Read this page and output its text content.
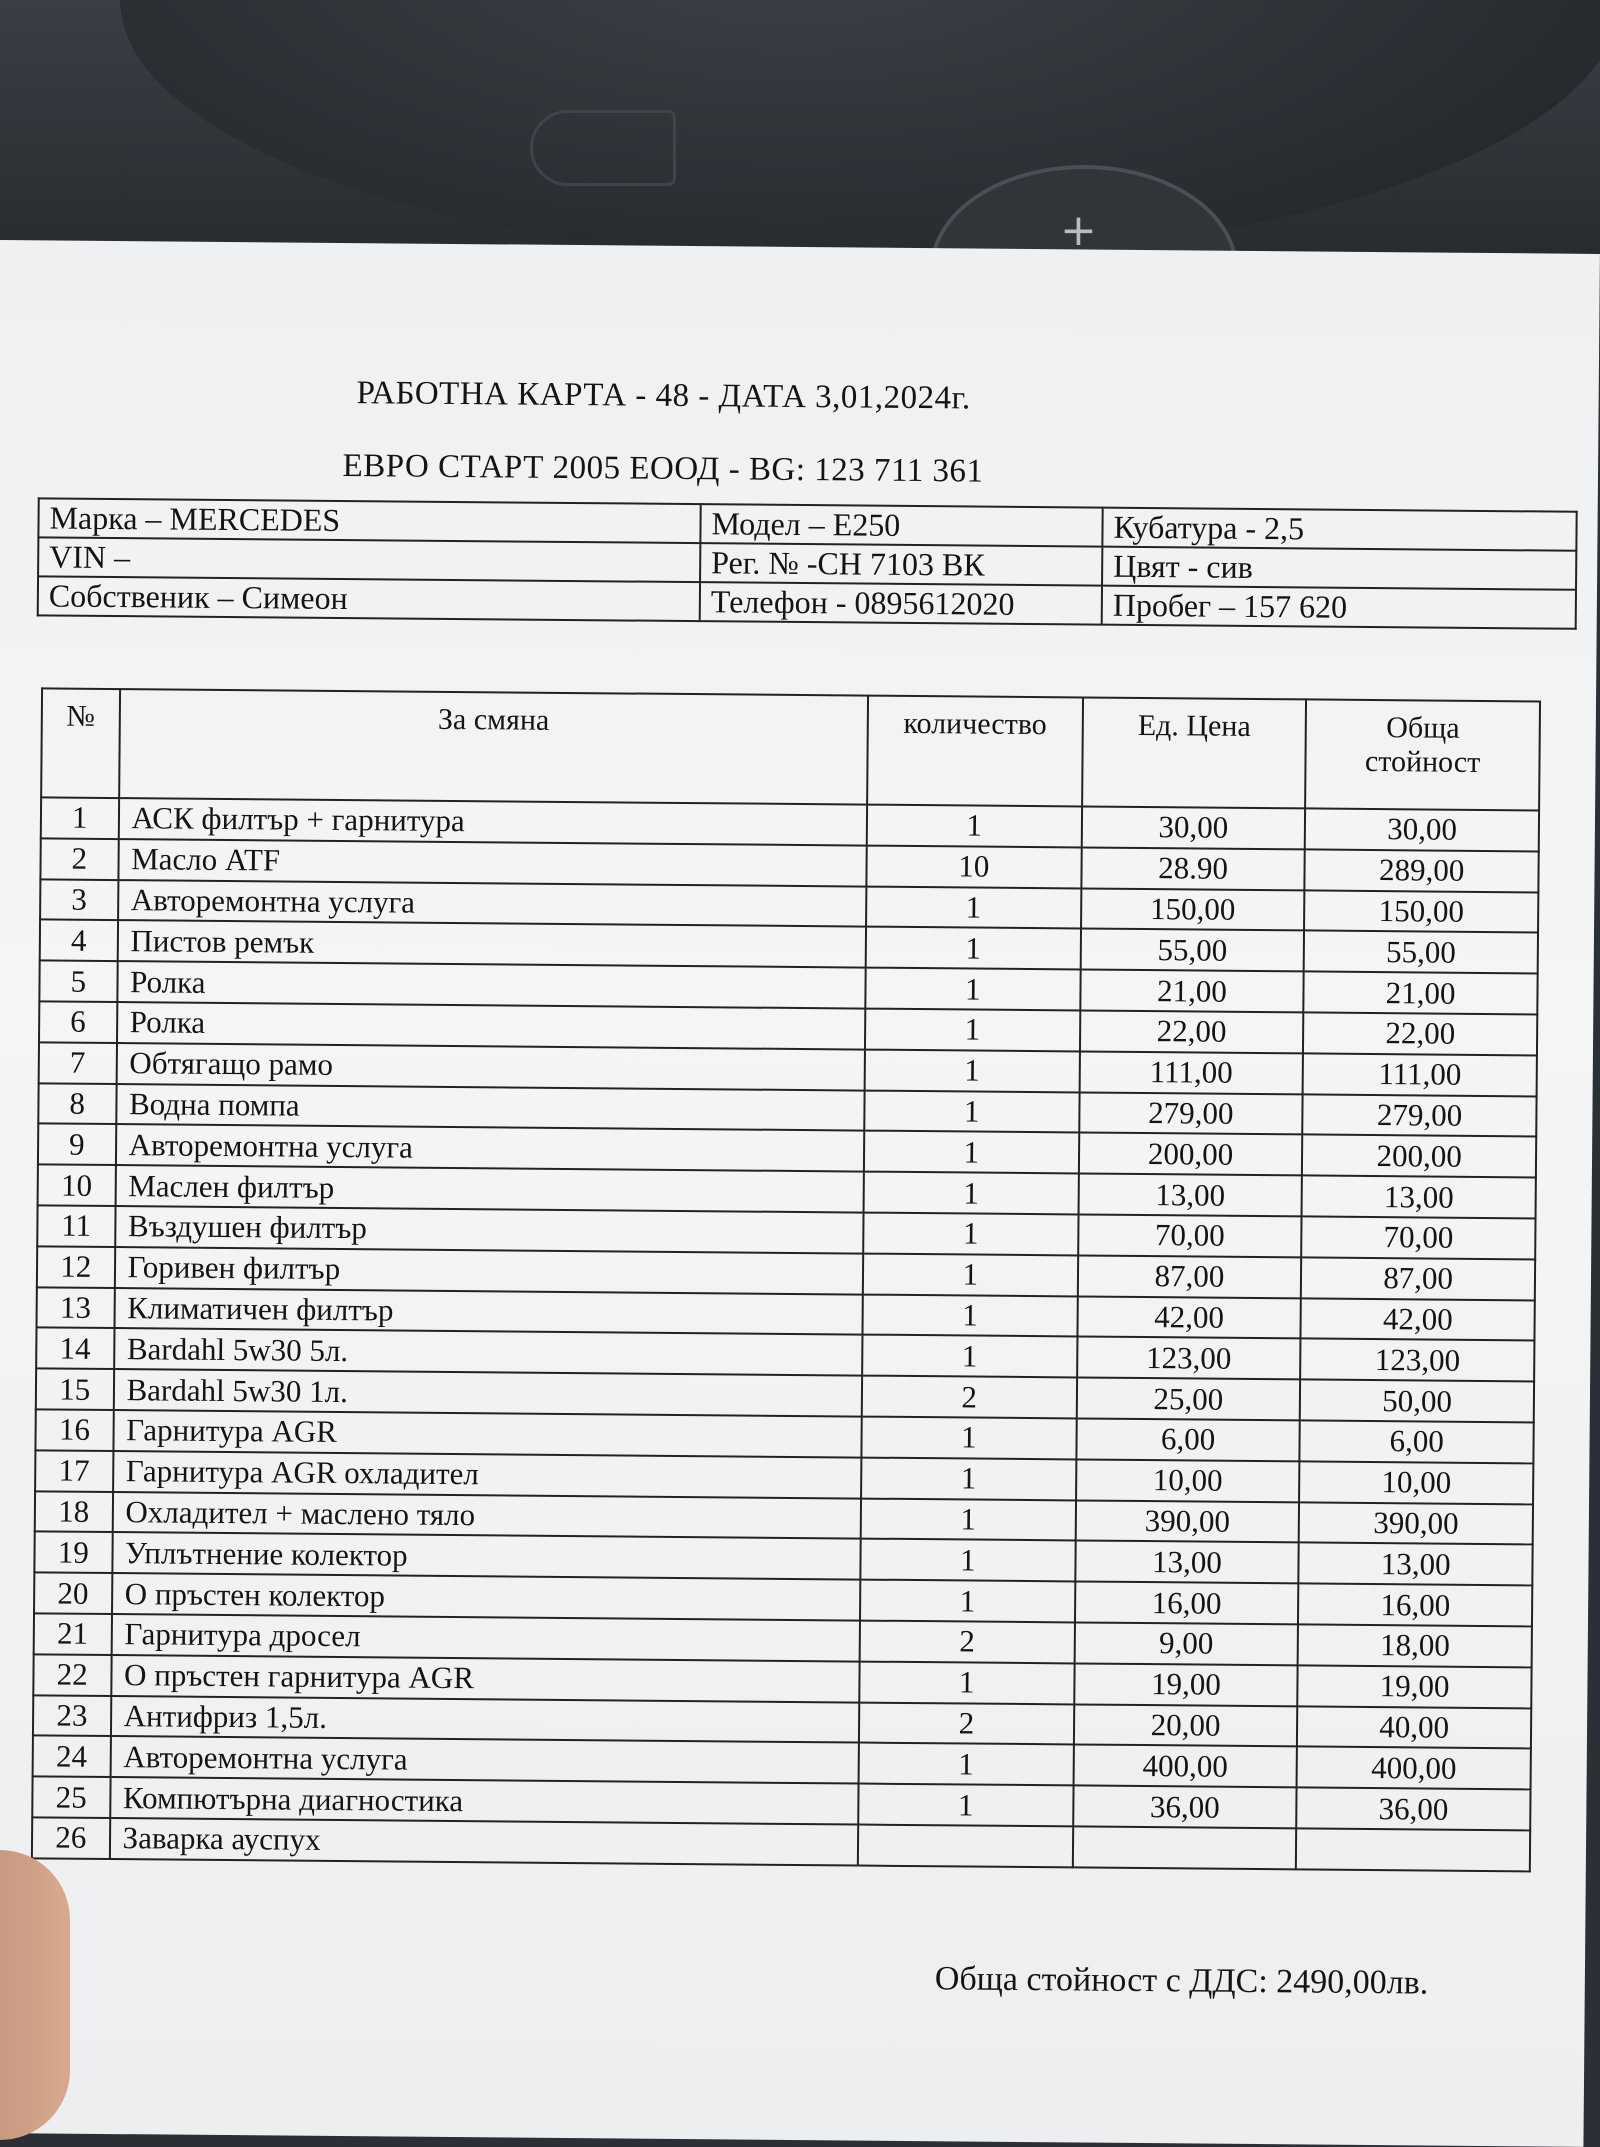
+
РАБОТНА КАРТА - 48 - ДАТА 3,01,2024г.
ЕВРО СТАРТ 2005 ЕООД - BG: 123 711 361
Марка – MERCEDES	Модел – E250	Кубатура - 2,5
VIN –	Рег. № -СН 7103 ВК	Цвят - сив
Собственик – Симеон	Телефон - 0895612020	Пробег – 157 620
№	За смяна	количество	Ед. Цена	Обща
стойност
1	АСК филтър + гарнитура	1	30,00	30,00
2	Масло ATF	10	28.90	289,00
3	Авторемонтна услуга	1	150,00	150,00
4	Пистов ремък	1	55,00	55,00
5	Ролка	1	21,00	21,00
6	Ролка	1	22,00	22,00
7	Обтягащо рамо	1	111,00	111,00
8	Водна помпа	1	279,00	279,00
9	Авторемонтна услуга	1	200,00	200,00
10	Маслен филтър	1	13,00	13,00
11	Въздушен филтър	1	70,00	70,00
12	Горивен филтър	1	87,00	87,00
13	Климатичен филтър	1	42,00	42,00
14	Bardahl 5w30 5л.	1	123,00	123,00
15	Bardahl 5w30 1л.	2	25,00	50,00
16	Гарнитура AGR	1	6,00	6,00
17	Гарнитура AGR охладител	1	10,00	10,00
18	Охладител + маслено тяло	1	390,00	390,00
19	Уплътнение колектор	1	13,00	13,00
20	О пръстен колектор	1	16,00	16,00
21	Гарнитура дросел	2	9,00	18,00
22	О пръстен гарнитура AGR	1	19,00	19,00
23	Антифриз 1,5л.	2	20,00	40,00
24	Авторемонтна услуга	1	400,00	400,00
25	Компютърна диагностика	1	36,00	36,00
26	Заварка ауспух			
Обща стойност с ДДС: 2490,00лв.
